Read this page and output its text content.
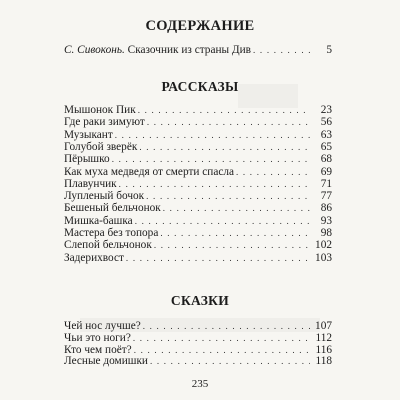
СОДЕРЖАНИЕ
С. Сивоконь. Сказочник из страны Див . . .	5
РАССКАЗЫ
Мышонок Пик . . .	23
Где раки зимуют . . .	56
Музыкант . . .	63
Голубой зверёк . . .	65
Пёрышко . . .	68
Как муха медведя от смерти спасла . . .	69
Плавунчик . . .	71
Лупленый бочок . . .	77
Бешеный бельчонок . . .	86
Мишка-башка . . .	93
Мастера без топора . . .	98
Слепой бельчонок . . .	102
Задерихвост . . .	103
СКАЗКИ
Чей нос лучше? . . .	107
Чьи это ноги? . . .	112
Кто чем поёт? . . .	116
Лесные домишки . . .	118
235
